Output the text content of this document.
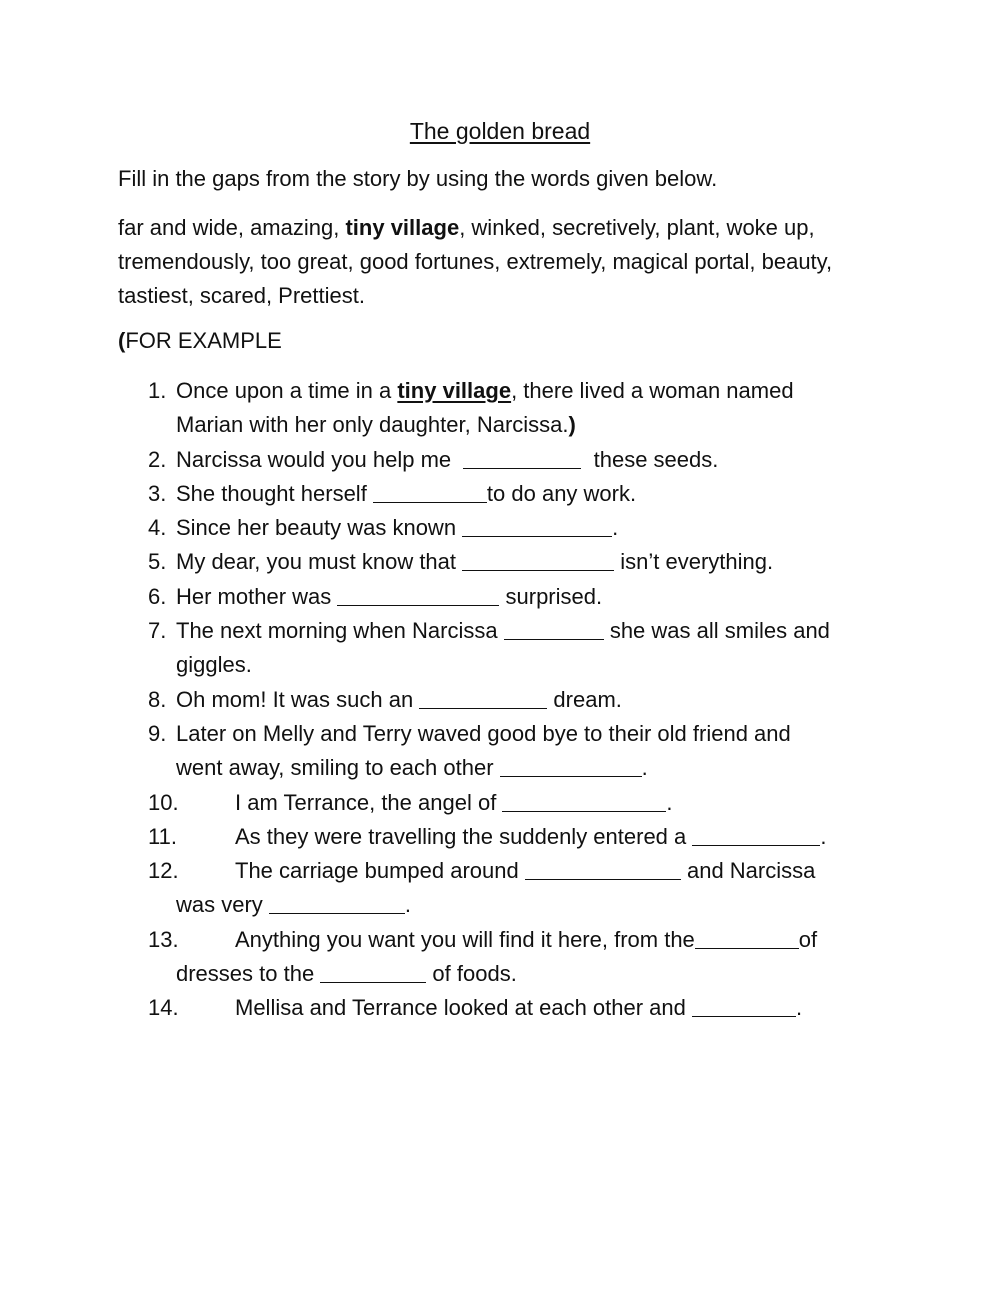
The golden bread
Fill in the gaps from the story by using the words given below.
far and wide, amazing, tiny village, winked, secretively, plant, woke up, tremendously, too great, good fortunes, extremely, magical portal, beauty, tastiest, scared, Prettiest.
(FOR EXAMPLE
1. Once upon a time in a tiny village, there lived a woman named
Marian with her only daughter, Narcissa.)
2. Narcissa would you help me	these seeds.
3. She thought herself	to do any work.
4. Since her beauty was known	.
5. My dear, you must know that	isn’t everything.
6. Her mother was	surprised.
7. The next morning when Narcissa	she was all smiles and
giggles.
8. Oh mom! It was such an	dream.
9. Later on Melly and Terry waved good bye to their old friend and
went away, smiling to each other	.
10.	I am Terrance, the angel of	.
11.	As they were travelling the suddenly entered a	.
12.	The carriage bumped around	and Narcissa
was very	.
13.	Anything you want you will find it here, from the	of
dresses to the	of foods.
14.	Mellisa and Terrance looked at each other and	.
